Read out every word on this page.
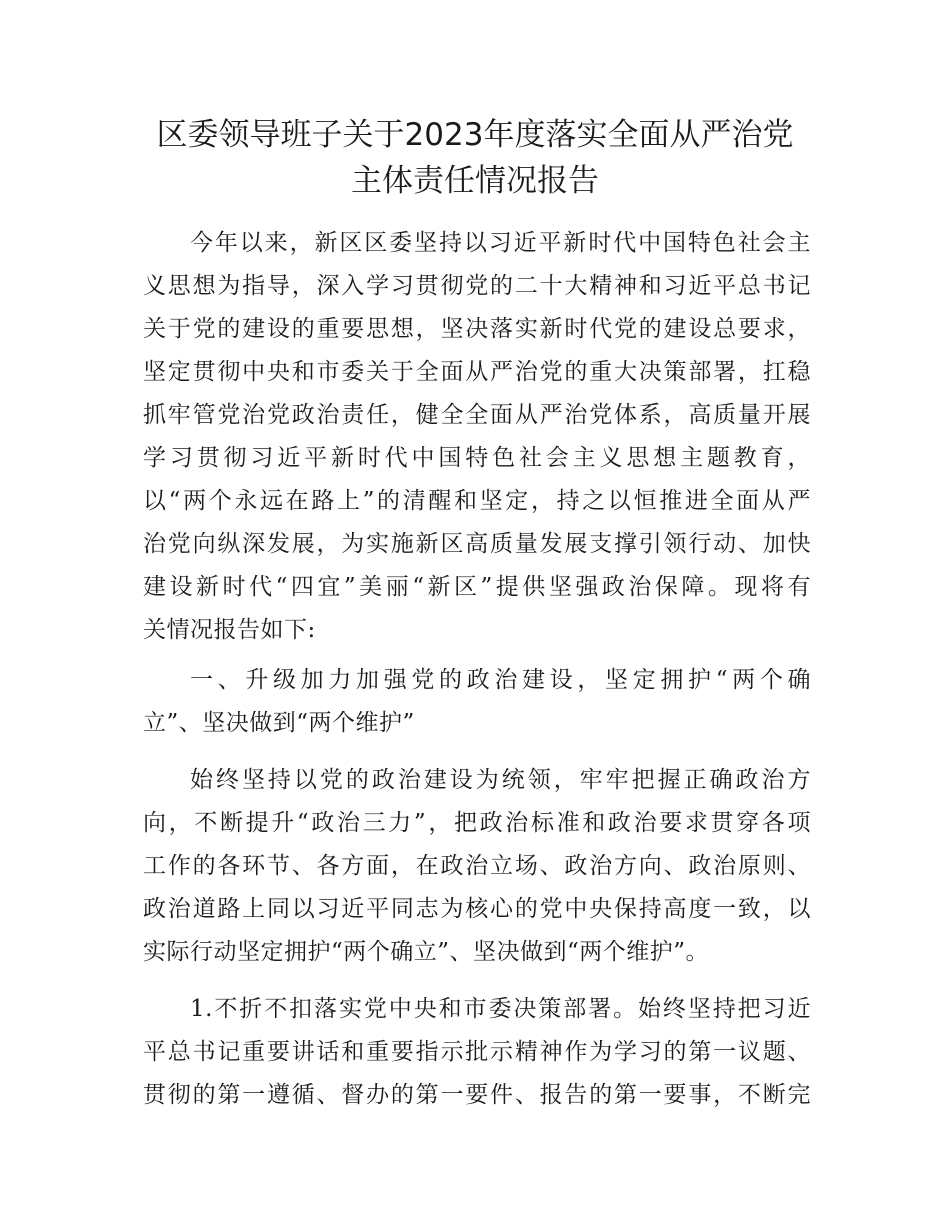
区委领导班子关于2023年度落实全面从严治党
主体责任情况报告

今年以来，新区区委坚持以习近平新时代中国特色社会主
义思想为指导，深入学习贯彻党的二十大精神和习近平总书记
关于党的建设的重要思想，坚决落实新时代党的建设总要求，
坚定贯彻中央和市委关于全面从严治党的重大决策部署，扛稳
抓牢管党治党政治责任，健全全面从严治党体系，高质量开展
学习贯彻习近平新时代中国特色社会主义思想主题教育，
以“两个永远在路上”的清醒和坚定，持之以恒推进全面从严
治党向纵深发展，为实施新区高质量发展支撑引领行动、加快
建设新时代“四宜”美丽“新区”提供坚强政治保障。现将有
关情况报告如下:

一、升级加力加强党的政治建设，坚定拥护“两个确
立”、坚决做到“两个维护”

始终坚持以党的政治建设为统领，牢牢把握正确政治方
向，不断提升“政治三力”，把政治标准和政治要求贯穿各项
工作的各环节、各方面，在政治立场、政治方向、政治原则、
政治道路上同以习近平同志为核心的党中央保持高度一致，以
实际行动坚定拥护“两个确立”、坚决做到“两个维护”。

1.不折不扣落实党中央和市委决策部署。始终坚持把习近
平总书记重要讲话和重要指示批示精神作为学习的第一议题、
贯彻的第一遵循、督办的第一要件、报告的第一要事，不断完
